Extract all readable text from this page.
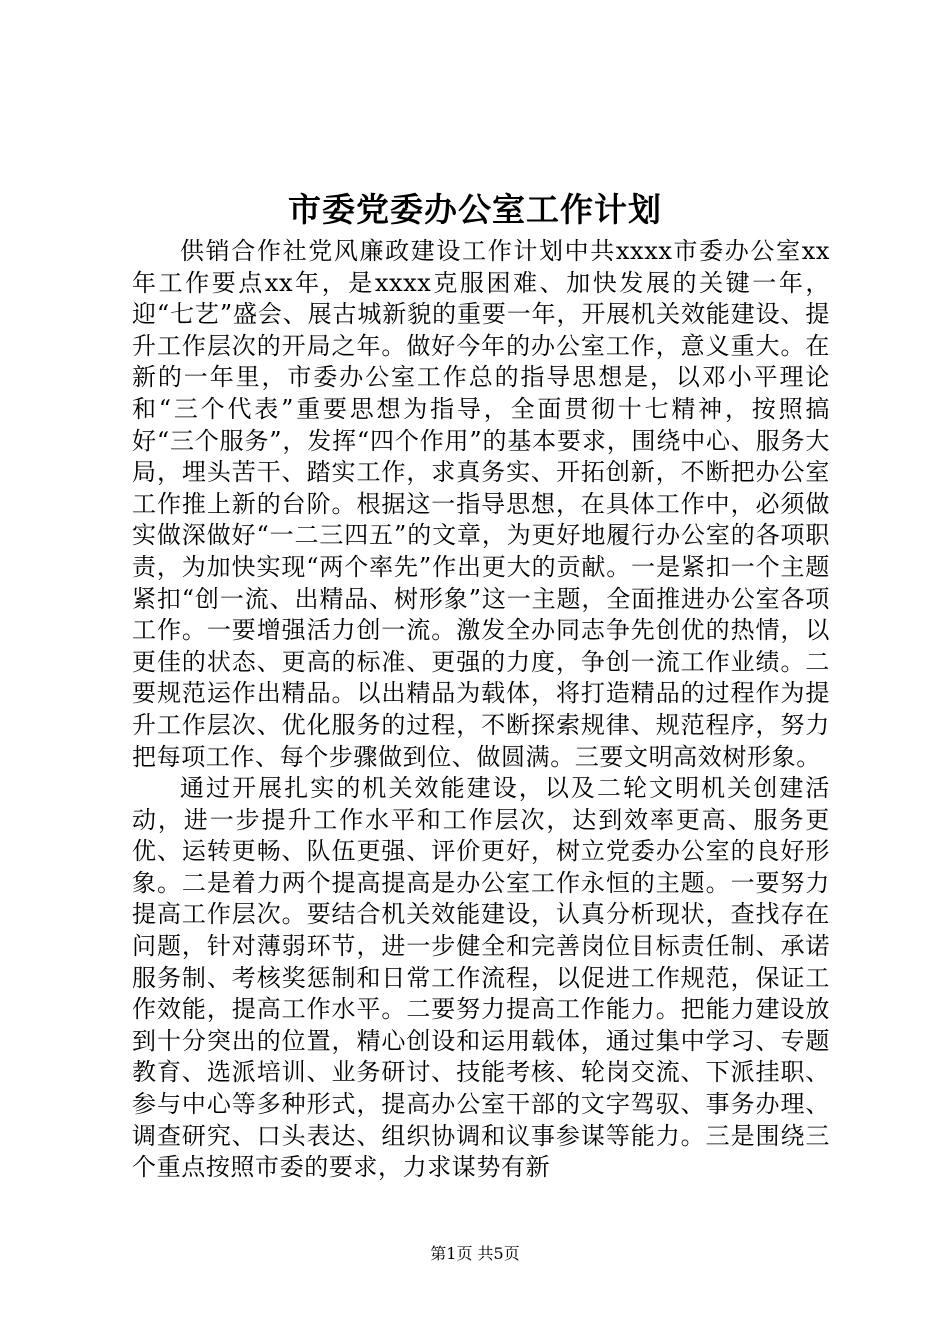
市委党委办公室工作计划

供销合作社党风廉政建设工作计划中共xxxx市委办公室xx年工作要点xx年，是xxxx克服困难、加快发展的关键一年，迎“七艺”盛会、展古城新貌的重要一年，开展机关效能建设、提升工作层次的开局之年。做好今年的办公室工作，意义重大。在新的一年里，市委办公室工作总的指导思想是，以邓小平理论和“三个代表”重要思想为指导，全面贯彻十七精神，按照搞好“三个服务”，发挥“四个作用”的基本要求，围绕中心、服务大局，埋头苦干、踏实工作，求真务实、开拓创新，不断把办公室工作推上新的台阶。根据这一指导思想，在具体工作中，必须做实做深做好“一二三四五”的文章，为更好地履行办公室的各项职责，为加快实现“两个率先”作出更大的贡献。一是紧扣一个主题紧扣“创一流、出精品、树形象”这一主题，全面推进办公室各项工作。一要增强活力创一流。激发全办同志争先创优的热情，以更佳的状态、更高的标准、更强的力度，争创一流工作业绩。二要规范运作出精品。以出精品为载体，将打造精品的过程作为提升工作层次、优化服务的过程，不断探索规律、规范程序，努力把每项工作、每个步骤做到位、做圆满。三要文明高效树形象。

通过开展扎实的机关效能建设，以及二轮文明机关创建活动，进一步提升工作水平和工作层次，达到效率更高、服务更优、运转更畅、队伍更强、评价更好，树立党委办公室的良好形象。二是着力两个提高提高是办公室工作永恒的主题。一要努力提高工作层次。要结合机关效能建设，认真分析现状，查找存在问题，针对薄弱环节，进一步健全和完善岗位目标责任制、承诺服务制、考核奖惩制和日常工作流程，以促进工作规范，保证工作效能，提高工作水平。二要努力提高工作能力。把能力建设放到十分突出的位置，精心创设和运用载体，通过集中学习、专题教育、选派培训、业务研讨、技能考核、轮岗交流、下派挂职、参与中心等多种形式，提高办公室干部的文字驾驭、事务办理、调查研究、口头表达、组织协调和议事参谋等能力。三是围绕三个重点按照市委的要求，力求谋势有新

第1页 共5页
